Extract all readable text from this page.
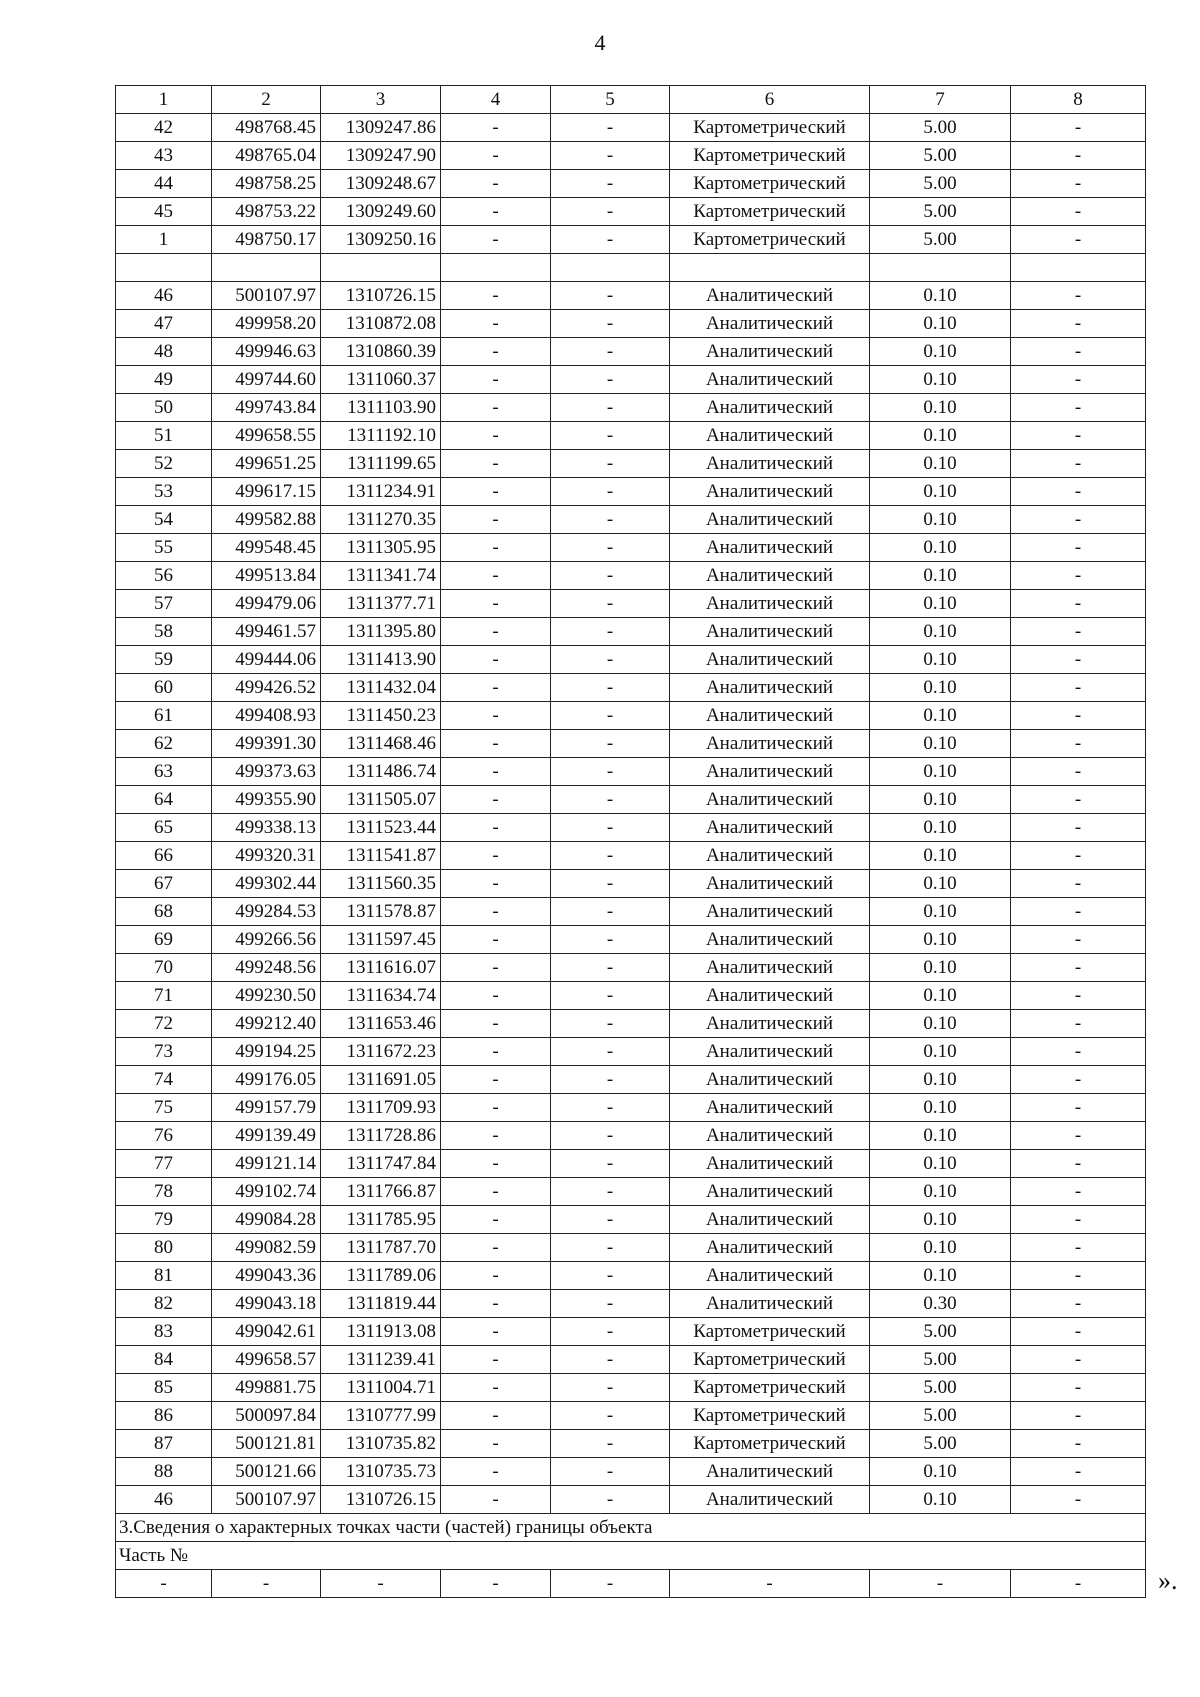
4
1	2	3	4	5	6	7	8
42	498768.45	1309247.86	-	-	Картометрический	5.00	-
43	498765.04	1309247.90	-	-	Картометрический	5.00	-
44	498758.25	1309248.67	-	-	Картометрический	5.00	-
45	498753.22	1309249.60	-	-	Картометрический	5.00	-
1	498750.17	1309250.16	-	-	Картометрический	5.00	-

46	500107.97	1310726.15	-	-	Аналитический	0.10	-
47	499958.20	1310872.08	-	-	Аналитический	0.10	-
48	499946.63	1310860.39	-	-	Аналитический	0.10	-
49	499744.60	1311060.37	-	-	Аналитический	0.10	-
50	499743.84	1311103.90	-	-	Аналитический	0.10	-
51	499658.55	1311192.10	-	-	Аналитический	0.10	-
52	499651.25	1311199.65	-	-	Аналитический	0.10	-
53	499617.15	1311234.91	-	-	Аналитический	0.10	-
54	499582.88	1311270.35	-	-	Аналитический	0.10	-
55	499548.45	1311305.95	-	-	Аналитический	0.10	-
56	499513.84	1311341.74	-	-	Аналитический	0.10	-
57	499479.06	1311377.71	-	-	Аналитический	0.10	-
58	499461.57	1311395.80	-	-	Аналитический	0.10	-
59	499444.06	1311413.90	-	-	Аналитический	0.10	-
60	499426.52	1311432.04	-	-	Аналитический	0.10	-
61	499408.93	1311450.23	-	-	Аналитический	0.10	-
62	499391.30	1311468.46	-	-	Аналитический	0.10	-
63	499373.63	1311486.74	-	-	Аналитический	0.10	-
64	499355.90	1311505.07	-	-	Аналитический	0.10	-
65	499338.13	1311523.44	-	-	Аналитический	0.10	-
66	499320.31	1311541.87	-	-	Аналитический	0.10	-
67	499302.44	1311560.35	-	-	Аналитический	0.10	-
68	499284.53	1311578.87	-	-	Аналитический	0.10	-
69	499266.56	1311597.45	-	-	Аналитический	0.10	-
70	499248.56	1311616.07	-	-	Аналитический	0.10	-
71	499230.50	1311634.74	-	-	Аналитический	0.10	-
72	499212.40	1311653.46	-	-	Аналитический	0.10	-
73	499194.25	1311672.23	-	-	Аналитический	0.10	-
74	499176.05	1311691.05	-	-	Аналитический	0.10	-
75	499157.79	1311709.93	-	-	Аналитический	0.10	-
76	499139.49	1311728.86	-	-	Аналитический	0.10	-
77	499121.14	1311747.84	-	-	Аналитический	0.10	-
78	499102.74	1311766.87	-	-	Аналитический	0.10	-
79	499084.28	1311785.95	-	-	Аналитический	0.10	-
80	499082.59	1311787.70	-	-	Аналитический	0.10	-
81	499043.36	1311789.06	-	-	Аналитический	0.10	-
82	499043.18	1311819.44	-	-	Аналитический	0.30	-
83	499042.61	1311913.08	-	-	Картометрический	5.00	-
84	499658.57	1311239.41	-	-	Картометрический	5.00	-
85	499881.75	1311004.71	-	-	Картометрический	5.00	-
86	500097.84	1310777.99	-	-	Картометрический	5.00	-
87	500121.81	1310735.82	-	-	Картометрический	5.00	-
88	500121.66	1310735.73	-	-	Аналитический	0.10	-
46	500107.97	1310726.15	-	-	Аналитический	0.10	-
3.Сведения о характерных точках части (частей) границы объекта							
Часть №							
-	-	-	-	-	-	-	-	».
